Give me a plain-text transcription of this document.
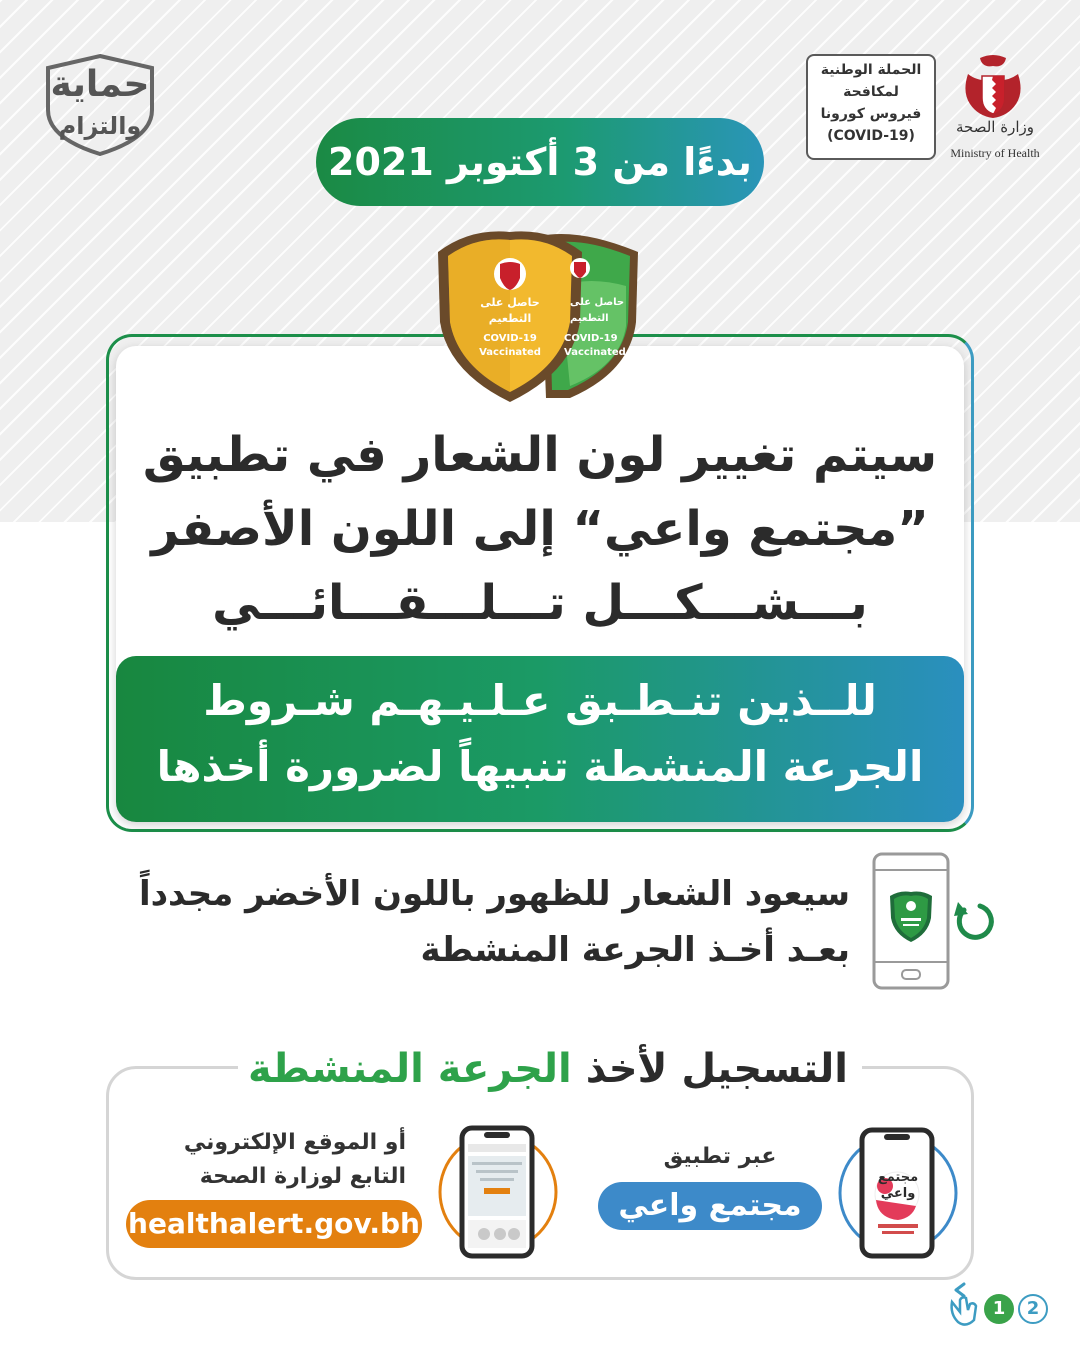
حماية
والتزام
الحملة الوطنية
لمكافحة
فيروس كورونا
(COVID-19)	وزارة الصحة
Ministry of Health
بدءًا من 3 أكتوبر 2021
حاصل على
التطعيم
COVID-19
Vaccinated
حاصل على
التطعيم
COVID-19
Vaccinated
سيتم تغيير لون الشعار في تطبيق
”مجتمع واعي“ إلى اللون الأصفر
بـــشـــكـــل تـــلـــقـــائـــي
للــذين تنـطـبق عـلـيـهـم شـروط
الجرعة المنشطة تنبيهاً لضرورة أخذها
سيعود الشعار للظهور باللون الأخضر مجدداً
بعـد أخـذ الجرعة المنشطة
التسجيل لأخذ الجرعة المنشطة
عبر تطبيق
مجتمع واعي
مجتمع
واعي
أو الموقع الإلكتروني
التابع لوزارة الصحة
healthalert.gov.bh
1	2
